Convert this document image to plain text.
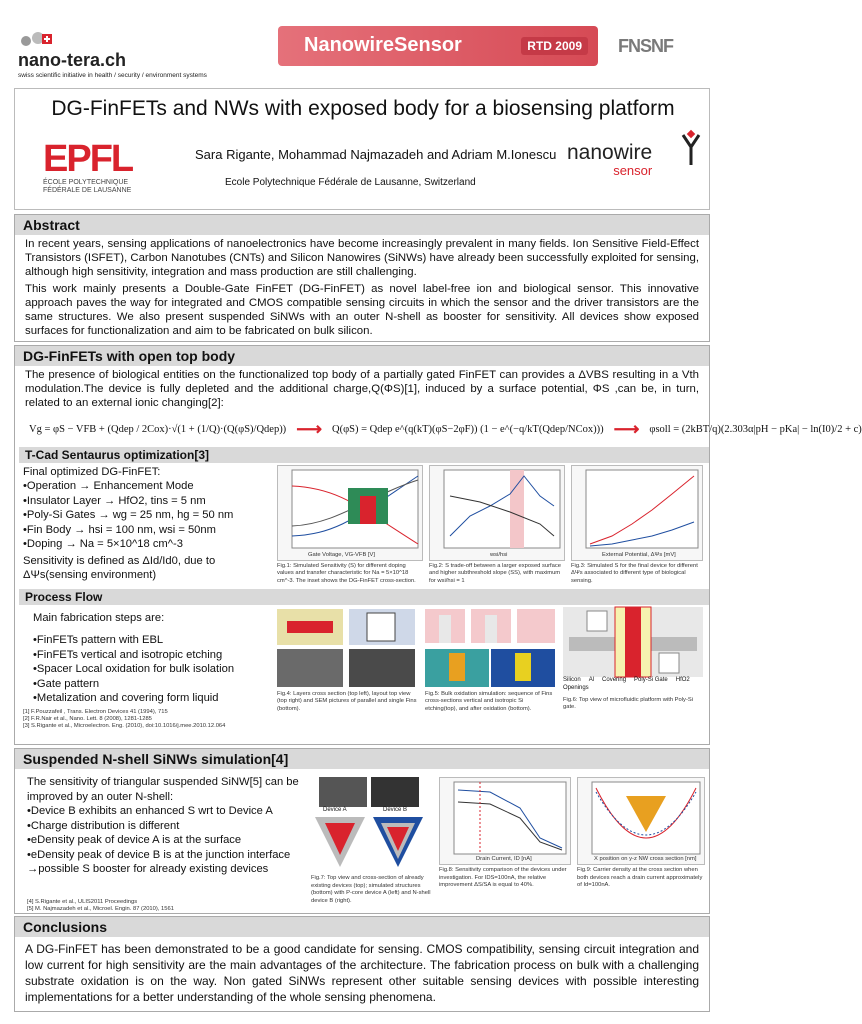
nano-tera.ch
swiss scientific initiative in health / security / environment systems
NanowireSensor	RTD 2009	FNSNF
DG-FinFETs and NWs with exposed body for a biosensing platform
EPFL
ÉCOLE POLYTECHNIQUE
FÉDÉRALE DE LAUSANNE
Sara Rigante, Mohammad Najmazadeh and Adriam M.Ionescu
Ecole Polytechnique Fédérale de Lausanne, Switzerland
nanowire
sensor
Abstract
In recent years, sensing applications of nanoelectronics have become increasingly prevalent in many fields. Ion Sensitive Field-Effect Transistors (ISFET), Carbon Nanotubes (CNTs) and Silicon Nanowires (SiNWs) have already been successfully exploited for sensing, although high sensitivity, integration and mass production are still challenging.
This work mainly presents a Double-Gate FinFET (DG-FinFET) as novel label-free ion and biological sensor. This innovative approach paves the way for integrated and CMOS compatible sensing circuits in which the sensor and the driver transistors are the same structures. We also present suspended SiNWs with an outer N-shell as booster for sensitivity. All devices show exposed surfaces for functionalization and aim to be fabricated on bulk silicon.
DG-FinFETs with open top body
The presence of biological entities on the functionalized top body of a partially gated FinFET can provides a ΔVBS resulting in a Vth modulation.The device is fully depleted and the additional charge,Q(ΦS)[1], induced by a surface potential, ΦS ,can be, in turn, related to an external ionic changing[2]:
Vg = φS − VFB + (Qdep / 2Cox)·√(1 + (1/Q)·(Q(φS)/Qdep)) ⟶ Q(φS) = Qdep e^(q(kT)(φS−2φF)) (1 − e^(−q/kT(Qdep/NCox))) ⟶ φsoll = (2kBT/q)(2.303α|pH − pKa| − ln(I0)/2 + c)
T-Cad Sentaurus optimization[3]
Final optimized DG-FinFET:
•Operation → Enhancement Mode
•Insulator Layer → HfO2, tins = 5 nm
•Poly-Si Gates → wg = 25 nm, hg = 50 nm
•Fin Body → hsi = 100 nm, wsi = 50nm
•Doping → Na = 5×10^18 cm^-3
Sensitivity is defined as ΔId/Id0, due to ΔΨs(sensing environment)
Gate Voltage, VG-VFB [V]
Fig.1: Simulated Sensitivity (S) for different doping values and transfer characteristic for Na = 5×10^18 cm^-3. The inset shows the DG-FinFET cross-section.
wsi/hsi
Fig.2: S trade-off between a larger exposed surface and higher subthreshold slope (SS), with maximum for wsi/hsi = 1
External Potential, ΔΨs [mV]
Fig.3: Simulated S for the final device for different ΔΨs associated to different type of biological sensing.
Process Flow
Main fabrication steps are:
•FinFETs pattern with EBL
•FinFETs vertical and isotropic etching
•Spacer Local oxidation for bulk isolation
•Gate pattern
•Metalization and covering form liquid	Fig.4: Layers cross section (top left), layout top view (top right) and SEM pictures of parallel and single Fins (bottom).
Fig.5: Bulk oxidation simulation: sequence of Fins cross-sections vertical and isotropic Si etching(top), and after oxidation (bottom).
Silicon Al Covering Poly-Si Gate HfO2
Openings
Fig.6: Top view of microfluidic platform with Poly-Si gate.
[1] F.Pouzzafeil , Trans. Electron Devices 41 (1994), 715
[2] F.R.Nair et al., Nano. Lett. 8 (2008), 1281-1285
[3] S.Rigante et al., Microelectron. Eng. (2010), doi:10.1016/j.mee.2010.12.064
Suspended N-shell SiNWs simulation[4]
The sensitivity of triangular suspended SiNW[5] can be improved by an outer N-shell:
•Device B exhibits an enhanced S wrt to Device A
•Charge distribution is different
•eDensity peak of device A is at the surface
•eDensity peak of device B is at the junction interface
→possible S booster for already existing devices
[4] S.Rigante et al., ULIS2011 Proceedings
[5] M. Najmazadeh et al., Microel. Engin. 87 (2010), 1561
Device A	Device B
Fig.7: Top view and cross-section of already existing devices (top); simulated structures (bottom) with P-core device A (left) and N-shell device B (right).
Drain Current, ID [nA]
Fig.8: Sensitivity comparison of the devices under investigation. For IDS=100nA, the relative improvement ΔS/SA is equal to 40%.
X position on y-z NW cross section [nm]
Fig.9: Carrier density at the cross section when both devices reach a drain current approximately of Id=100nA.
Conclusions
A DG-FinFET has been demonstrated to be a good candidate for sensing. CMOS compatibility, sensing circuit integration and low current for high sensitivity are the main advantages of the architecture. The fabrication process on bulk with a challenging substrate oxidation is on the way. Non gated SiNWs represent other suitable sensing devices with possible interesting implementations for a better understanding of the whole sensing phenomena.
